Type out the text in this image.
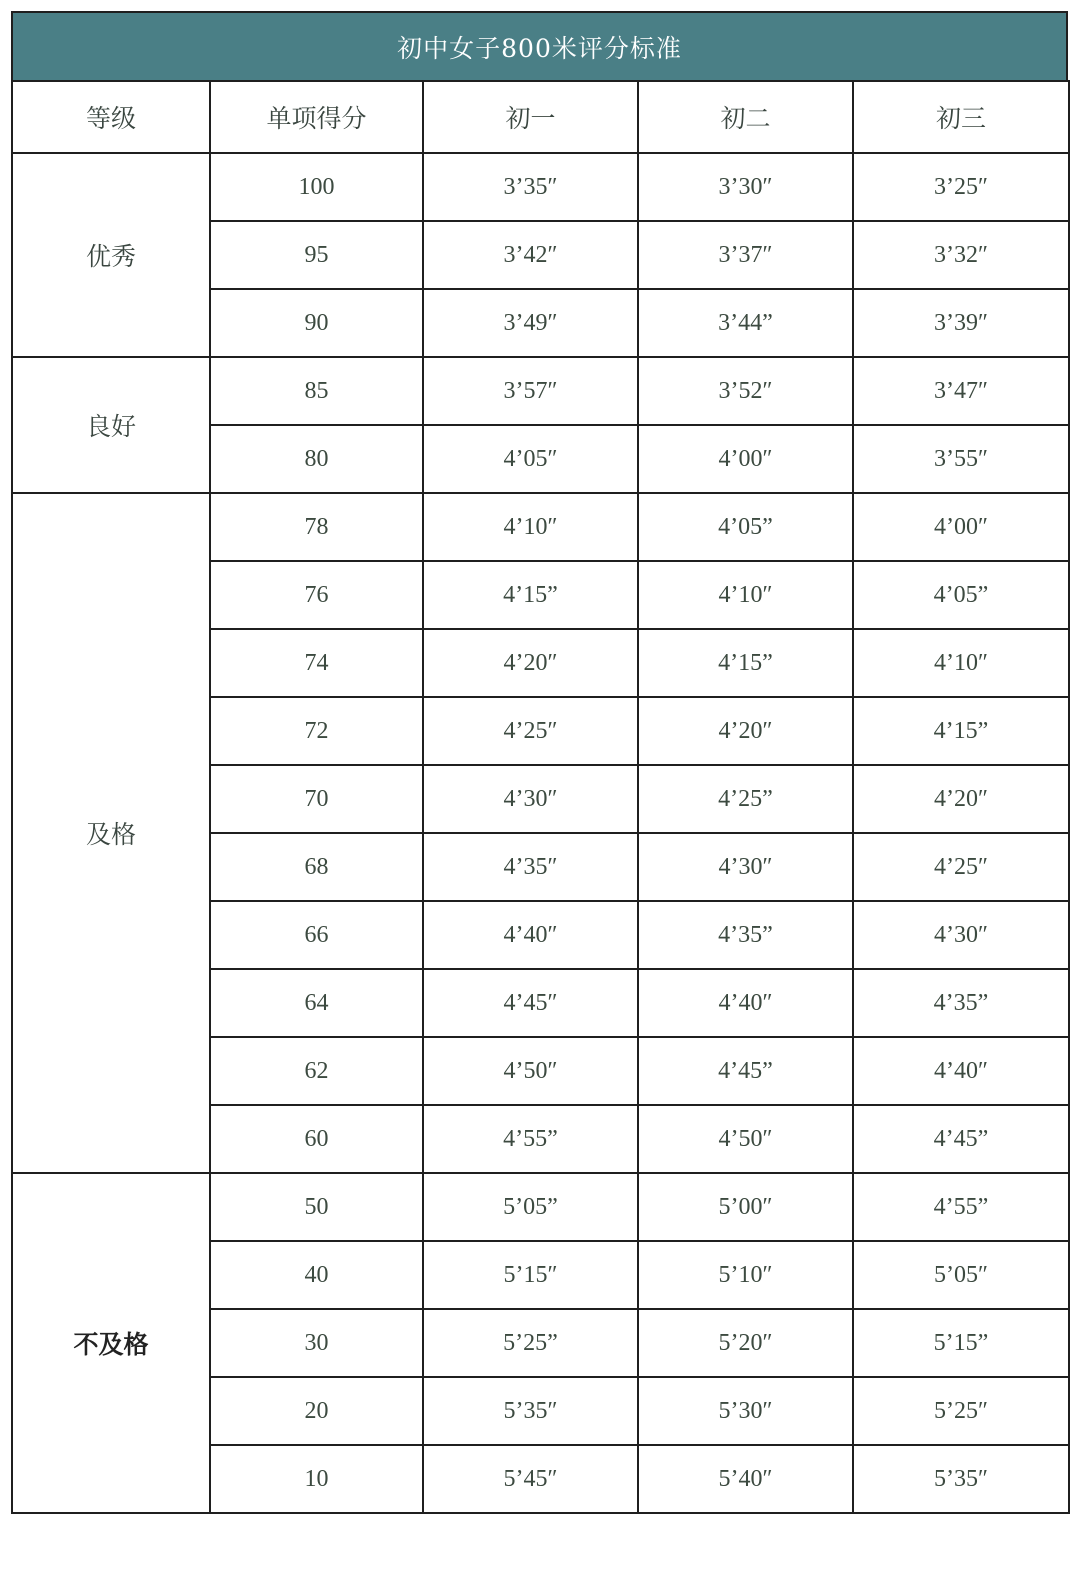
初中女子800米评分标准
等级	单项得分	初一	初二	初三
优秀	100	3’35″	3’30″	3’25″
	95	3’42″	3’37″	3’32″
	90	3’49″	3’44”	3’39″
良好	85	3’57″	3’52″	3’47″
	80	4’05″	4’00″	3’55″
及格	78	4’10″	4’05”	4’00″
	76	4’15”	4’10″	4’05”
	74	4’20″	4’15”	4’10″
	72	4’25″	4’20″	4’15”
	70	4’30″	4’25”	4’20″
	68	4’35″	4’30″	4’25″
	66	4’40″	4’35”	4’30″
	64	4’45″	4’40″	4’35”
	62	4’50″	4’45”	4’40″
	60	4’55”	4’50″	4’45”
不及格	50	5’05”	5’00″	4’55”
	40	5’15″	5’10″	5’05″
	30	5’25”	5’20″	5’15”
	20	5’35″	5’30″	5’25″
	10	5’45″	5’40″	5’35″
